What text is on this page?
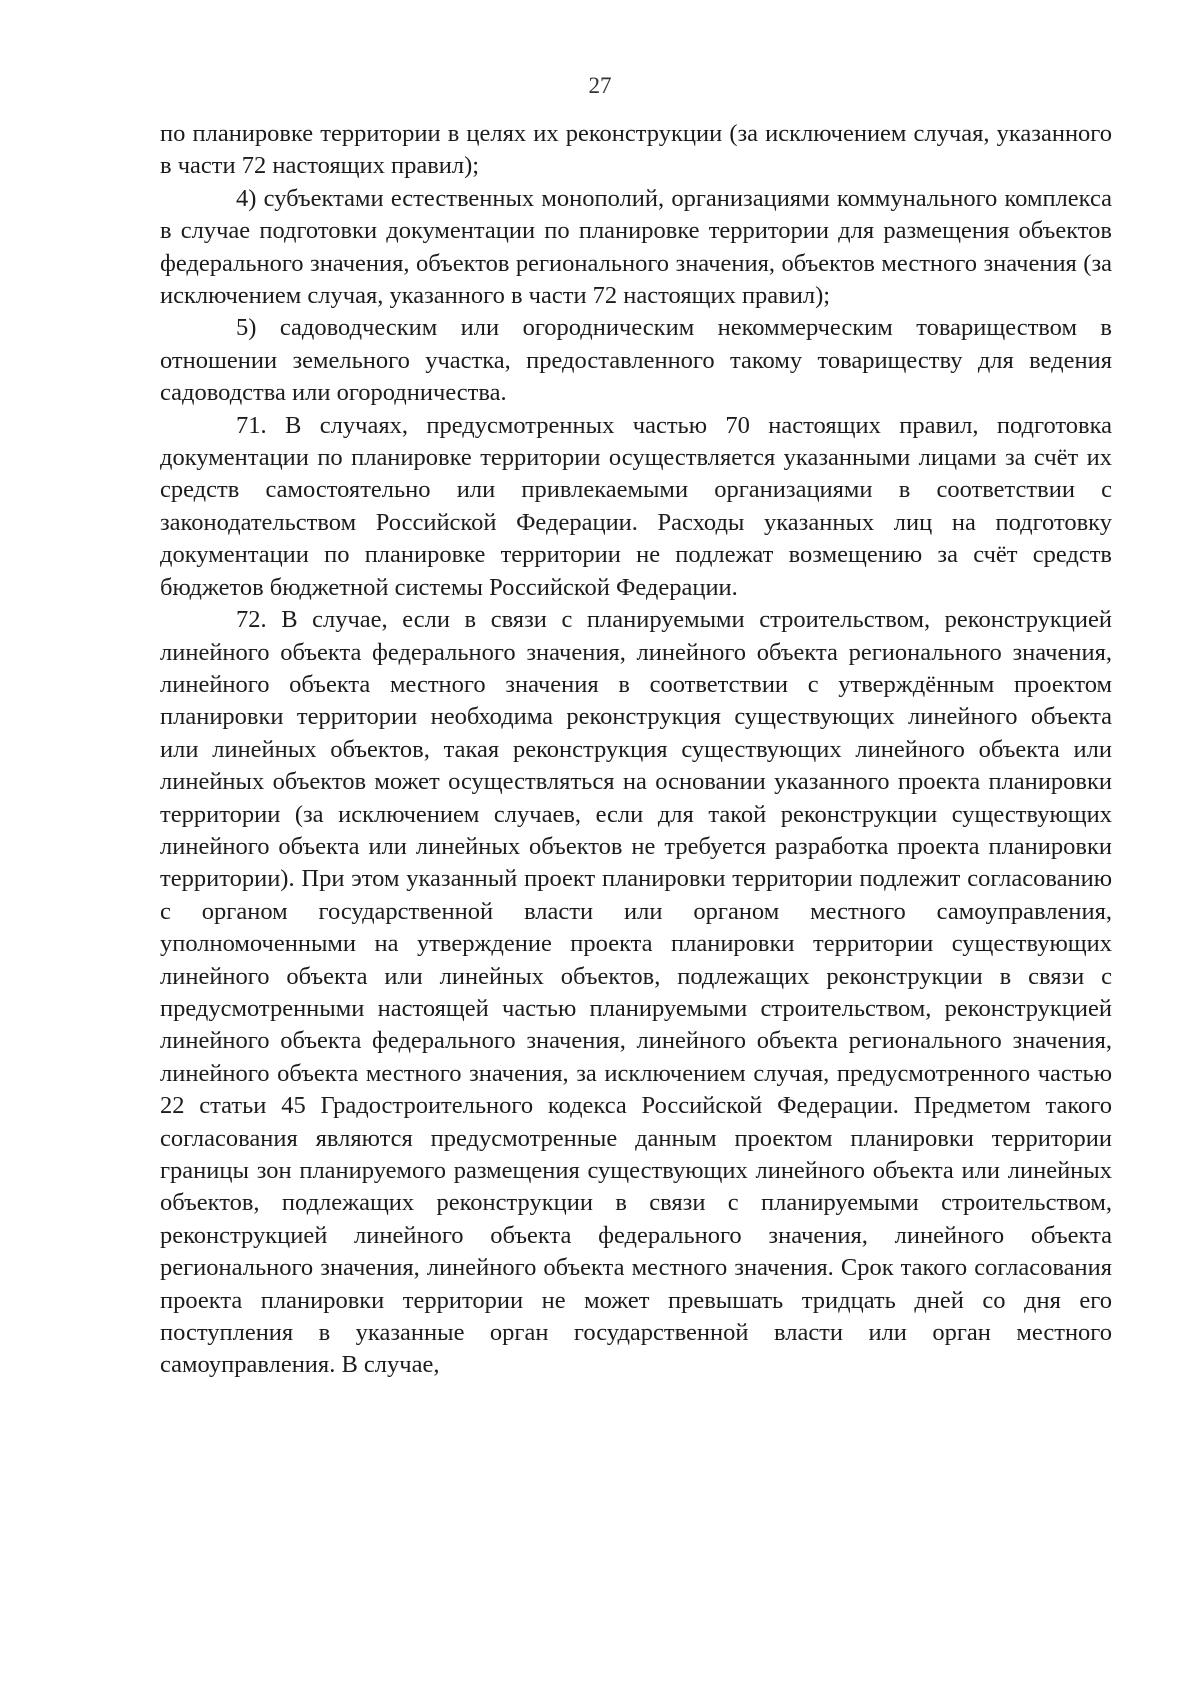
27

по планировке территории в целях их реконструкции (за исключением случая, указанного в части 72 настоящих правил);

4) субъектами естественных монополий, организациями коммунального комплекса в случае подготовки документации по планировке территории для размещения объектов федерального значения, объектов регионального значения, объектов местного значения (за исключением случая, указанного в части 72 настоящих правил);

5) садоводческим или огородническим некоммерческим товариществом в отношении земельного участка, предоставленного такому товариществу для ведения садоводства или огородничества.

71. В случаях, предусмотренных частью 70 настоящих правил, подготовка документации по планировке территории осуществляется указанными лицами за счёт их средств самостоятельно или привлекаемыми организациями в соответствии с законодательством Российской Федерации. Расходы указанных лиц на подготовку документации по планировке территории не подлежат возмещению за счёт средств бюджетов бюджетной системы Российской Федерации.

72. В случае, если в связи с планируемыми строительством, реконструкцией линейного объекта федерального значения, линейного объекта регионального значения, линейного объекта местного значения в соответствии с утверждённым проектом планировки территории необходима реконструкция существующих линейного объекта или линейных объектов, такая реконструкция существующих линейного объекта или линейных объектов может осуществляться на основании указанного проекта планировки территории (за исключением случаев, если для такой реконструкции существующих линейного объекта или линейных объектов не требуется разработка проекта планировки территории). При этом указанный проект планировки территории подлежит согласованию с органом государственной власти или органом местного самоуправления, уполномоченными на утверждение проекта планировки территории существующих линейного объекта или линейных объектов, подлежащих реконструкции в связи с предусмотренными настоящей частью планируемыми строительством, реконструкцией линейного объекта федерального значения, линейного объекта регионального значения, линейного объекта местного значения, за исключением случая, предусмотренного частью 22 статьи 45 Градостроительного кодекса Российской Федерации. Предметом такого согласования являются предусмотренные данным проектом планировки территории границы зон планируемого размещения существующих линейного объекта или линейных объектов, подлежащих реконструкции в связи с планируемыми строительством, реконструкцией линейного объекта федерального значения, линейного объекта регионального значения, линейного объекта местного значения. Срок такого согласования проекта планировки территории не может превышать тридцать дней со дня его поступления в указанные орган государственной власти или орган местного самоуправления. В случае,
